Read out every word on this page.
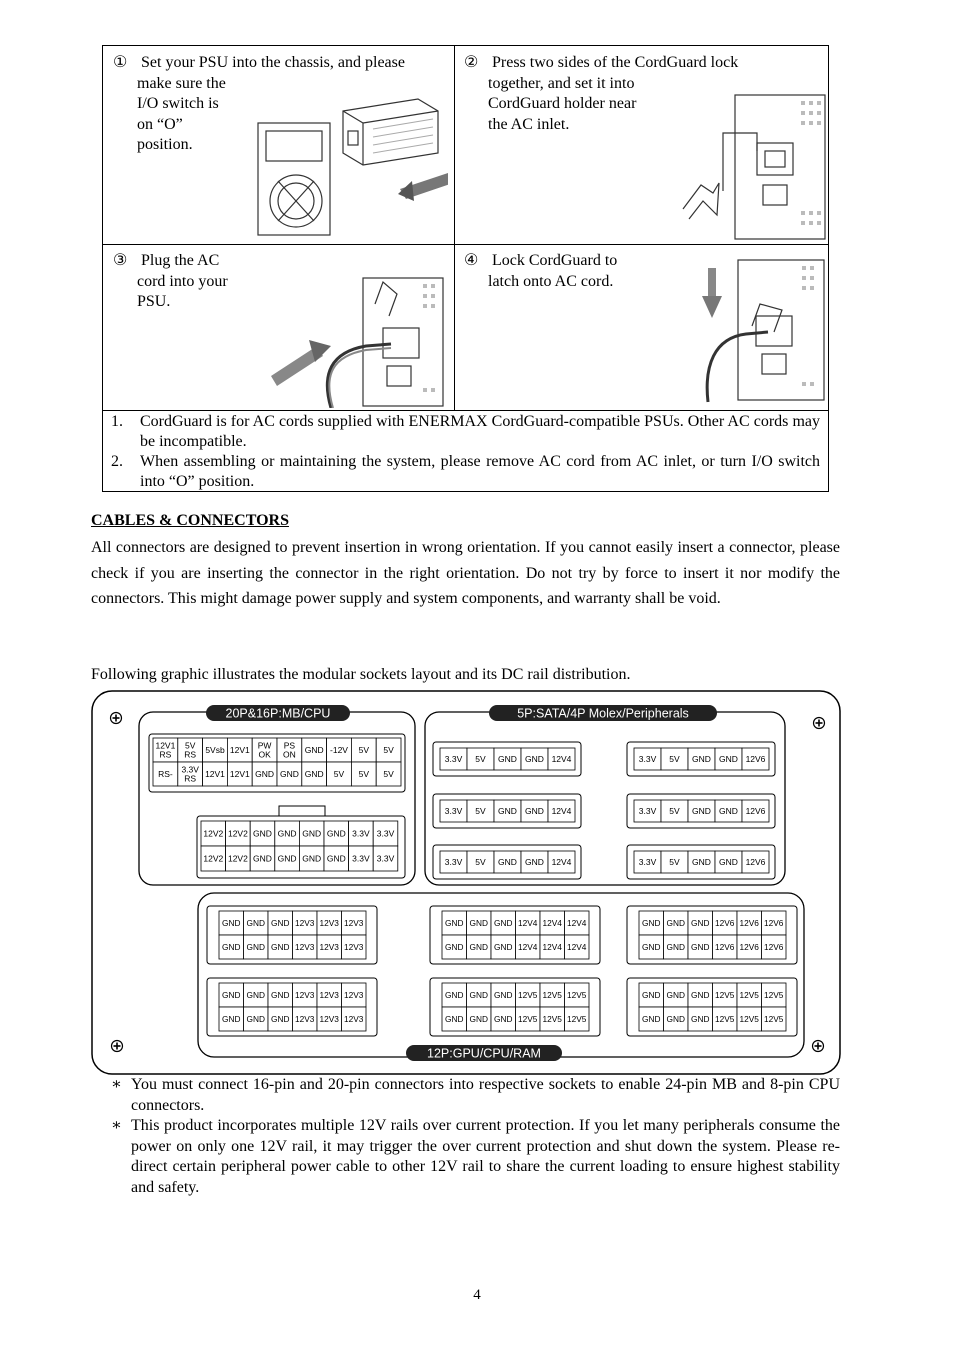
① Set your PSU into the chassis, and please
make sure the
I/O switch is
on “O”
position.
② Press two sides of the CordGuard lock
together, and set it into
CordGuard holder near
the AC inlet.
③ Plug the AC
cord into your
PSU.
④ Lock CordGuard to
latch onto AC cord.
1. CordGuard is for AC cords supplied with ENERMAX CordGuard-compatible PSUs. Other AC cords may be incompatible.
2. When assembling or maintaining the system, please remove AC cord from AC inlet, or turn I/O switch into “O” position.
CABLES & CONNECTORS
All connectors are designed to prevent insertion in wrong orientation. If you cannot easily insert a connector, please check if you are inserting the connector in the right orientation. Do not try by force to insert it nor modify the connectors. This might damage power supply and system components, and warranty shall be void.
Following graphic illustrates the modular sockets layout and its DC rail distribution.
12V1 RS
5V RS 5Vsb 12V1 PW OK
PS ON GND -12V 5V 5V
RS- 3.3V RS	12V1 12V1 GND GND GND 5V 5V 5V
12V2 12V2 GND GND GND GND 3.3V 3.3V
12V2 12V2 GND GND GND GND 3.3V 3.3V
3.3V 5V GND GND 12V4
3.3V 5V GND GND 12V4
3.3V 5V GND GND 12V4
3.3V 5V GND GND 12V6
3.3V 5V GND GND 12V6
3.3V 5V GND GND 12V6
5P:SATA/4P Molex/Peripherals
20P&16P:MB/CPU
GND GND GND 12V3 12V3 12V3
GND GND GND 12V3 12V3 12V3
GND GND GND 12V4 12V4 12V4
GND GND GND 12V4 12V4 12V4
GND GND GND 12V6 12V6 12V6
GND GND GND 12V6 12V6 12V6
GND GND GND 12V3 12V3 12V3
GND GND GND 12V3 12V3 12V3
GND GND GND 12V5 12V5 12V5
GND GND GND 12V5 12V5 12V5
GND GND GND 12V5 12V5 12V5
GND GND GND 12V5 12V5 12V5
12P:GPU/CPU/RAM
∗ You must connect 16-pin and 20-pin connectors into respective sockets to enable 24-pin MB and 8-pin CPU connectors.
∗ This product incorporates multiple 12V rails over current protection. If you let many peripherals consume the power on only one 12V rail, it may trigger the over current protection and shut down the system. Please re-direct certain peripheral power cable to other 12V rail to share the current loading to ensure highest stability and safety.
4
